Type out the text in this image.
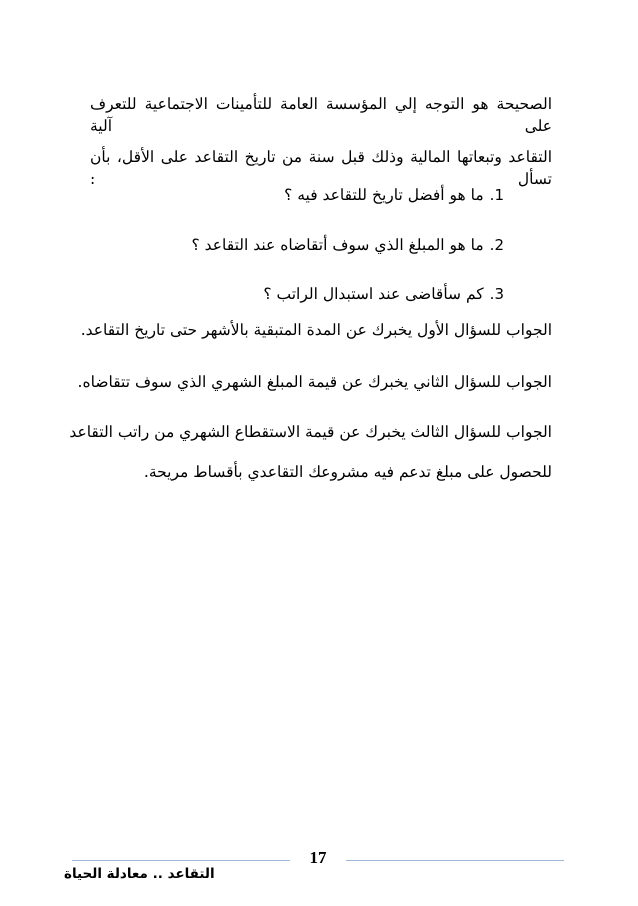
الصحيحة هو التوجه إلي المؤسسة العامة للتأمينات الاجتماعية للتعرف على آلية
التقاعد وتبعاتها المالية وذلك قبل سنة من تاريخ التقاعد على الأقل، بأن تسأل :
1.ما هو أفضل تاريخ للتقاعد فيه ؟
2.ما هو المبلغ الذي سوف أتقاضاه عند التقاعد ؟
3.كم سأقاضى عند استبدال الراتب ؟
الجواب للسؤال الأول يخبرك عن المدة المتبقية بالأشهر حتى تاريخ التقاعد.
الجواب للسؤال الثاني يخبرك عن قيمة المبلغ الشهري الذي سوف تتقاضاه.
الجواب للسؤال الثالث يخبرك عن قيمة الاستقطاع الشهري من راتب التقاعد
للحصول على مبلغ تدعم فيه مشروعك التقاعدي بأقساط مريحة.
17
التقاعد .. معادلة الحياة
